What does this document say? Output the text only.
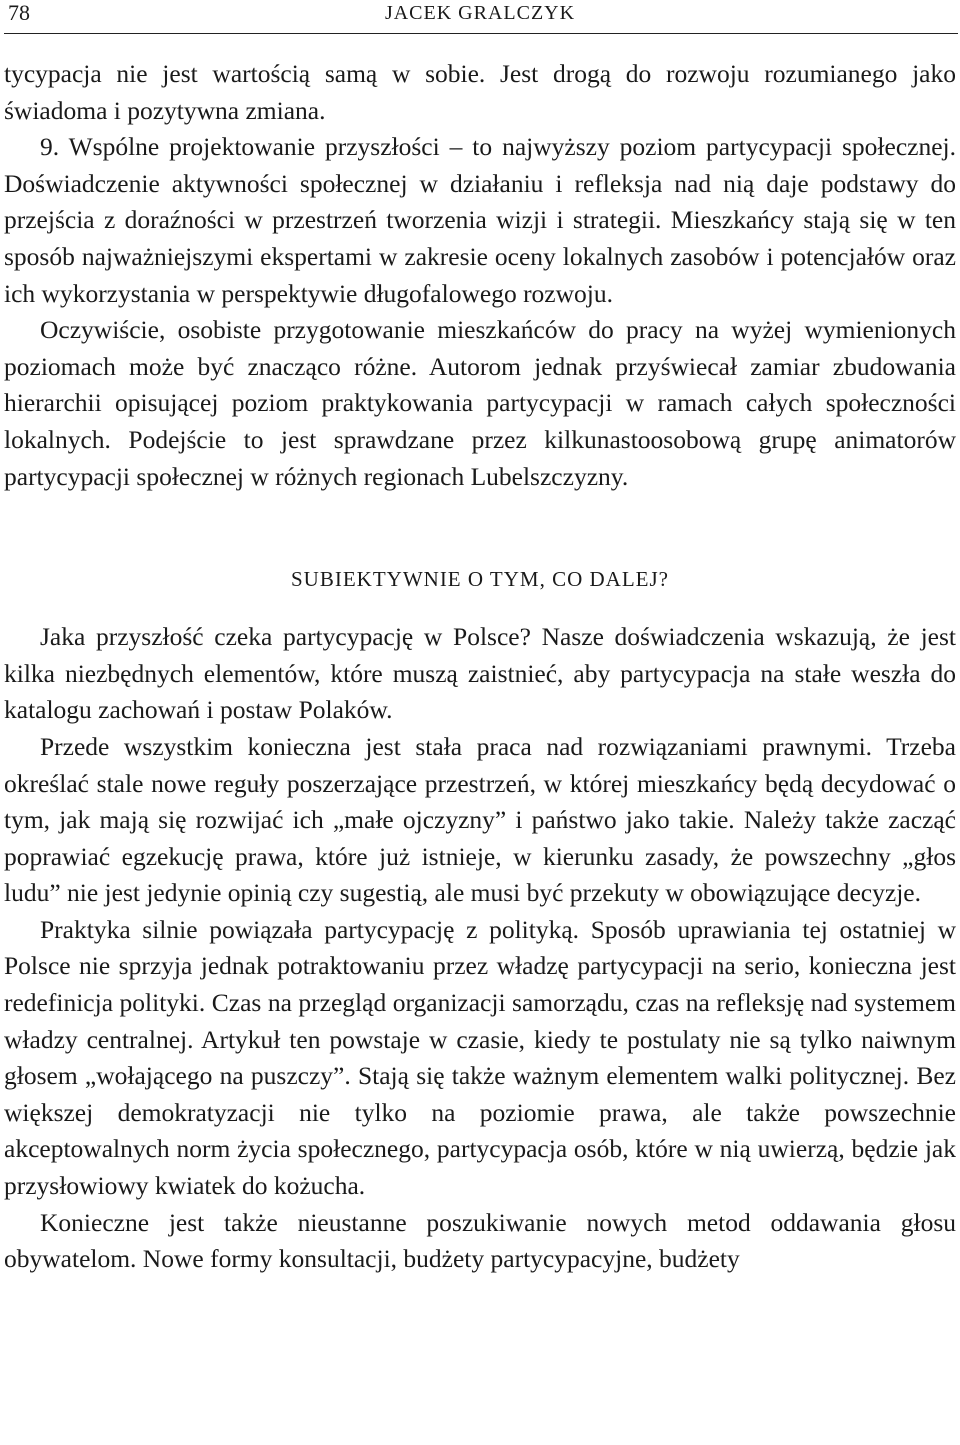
78	JACEK GRALCZYK

tycypacja nie jest wartością samą w sobie. Jest drogą do rozwoju rozumianego jako świadoma i pozytywna zmiana.

9. Wspólne projektowanie przyszłości – to najwyższy poziom partycypacji społecznej. Doświadczenie aktywności społecznej w działaniu i refleksja nad nią daje podstawy do przejścia z doraźności w przestrzeń tworzenia wizji i strategii. Mieszkańcy stają się w ten sposób najważniejszymi ekspertami w zakresie oceny lokalnych zasobów i potencjałów oraz ich wykorzystania w perspektywie długofalowego rozwoju.

Oczywiście, osobiste przygotowanie mieszkańców do pracy na wyżej wymienionych poziomach może być znacząco różne. Autorom jednak przyświecał zamiar zbudowania hierarchii opisującej poziom praktykowania partycypacji w ramach całych społeczności lokalnych. Podejście to jest sprawdzane przez kilkunastoosobową grupę animatorów partycypacji społecznej w różnych regionach Lubelszczyzny.

SUBIEKTYWNIE O TYM, CO DALEJ?

Jaka przyszłość czeka partycypację w Polsce? Nasze doświadczenia wskazują, że jest kilka niezbędnych elementów, które muszą zaistnieć, aby partycypacja na stałe weszła do katalogu zachowań i postaw Polaków.

Przede wszystkim konieczna jest stała praca nad rozwiązaniami prawnymi. Trzeba określać stale nowe reguły poszerzające przestrzeń, w której mieszkańcy będą decydować o tym, jak mają się rozwijać ich „małe ojczyzny” i państwo jako takie. Należy także zacząć poprawiać egzekucję prawa, które już istnieje, w kierunku zasady, że powszechny „głos ludu” nie jest jedynie opinią czy sugestią, ale musi być przekuty w obowiązujące decyzje.

Praktyka silnie powiązała partycypację z polityką. Sposób uprawiania tej ostatniej w Polsce nie sprzyja jednak potraktowaniu przez władzę partycypacji na serio, konieczna jest redefinicja polityki. Czas na przegląd organizacji samorządu, czas na refleksję nad systemem władzy centralnej. Artykuł ten powstaje w czasie, kiedy te postulaty nie są tylko naiwnym głosem „wołającego na puszczy”. Stają się także ważnym elementem walki politycznej. Bez większej demokratyzacji nie tylko na poziomie prawa, ale także powszechnie akceptowalnych norm życia społecznego, partycypacja osób, które w nią uwierzą, będzie jak przysłowiowy kwiatek do kożucha.

Konieczne jest także nieustanne poszukiwanie nowych metod oddawania głosu obywatelom. Nowe formy konsultacji, budżety partycypacyjne, budżety
